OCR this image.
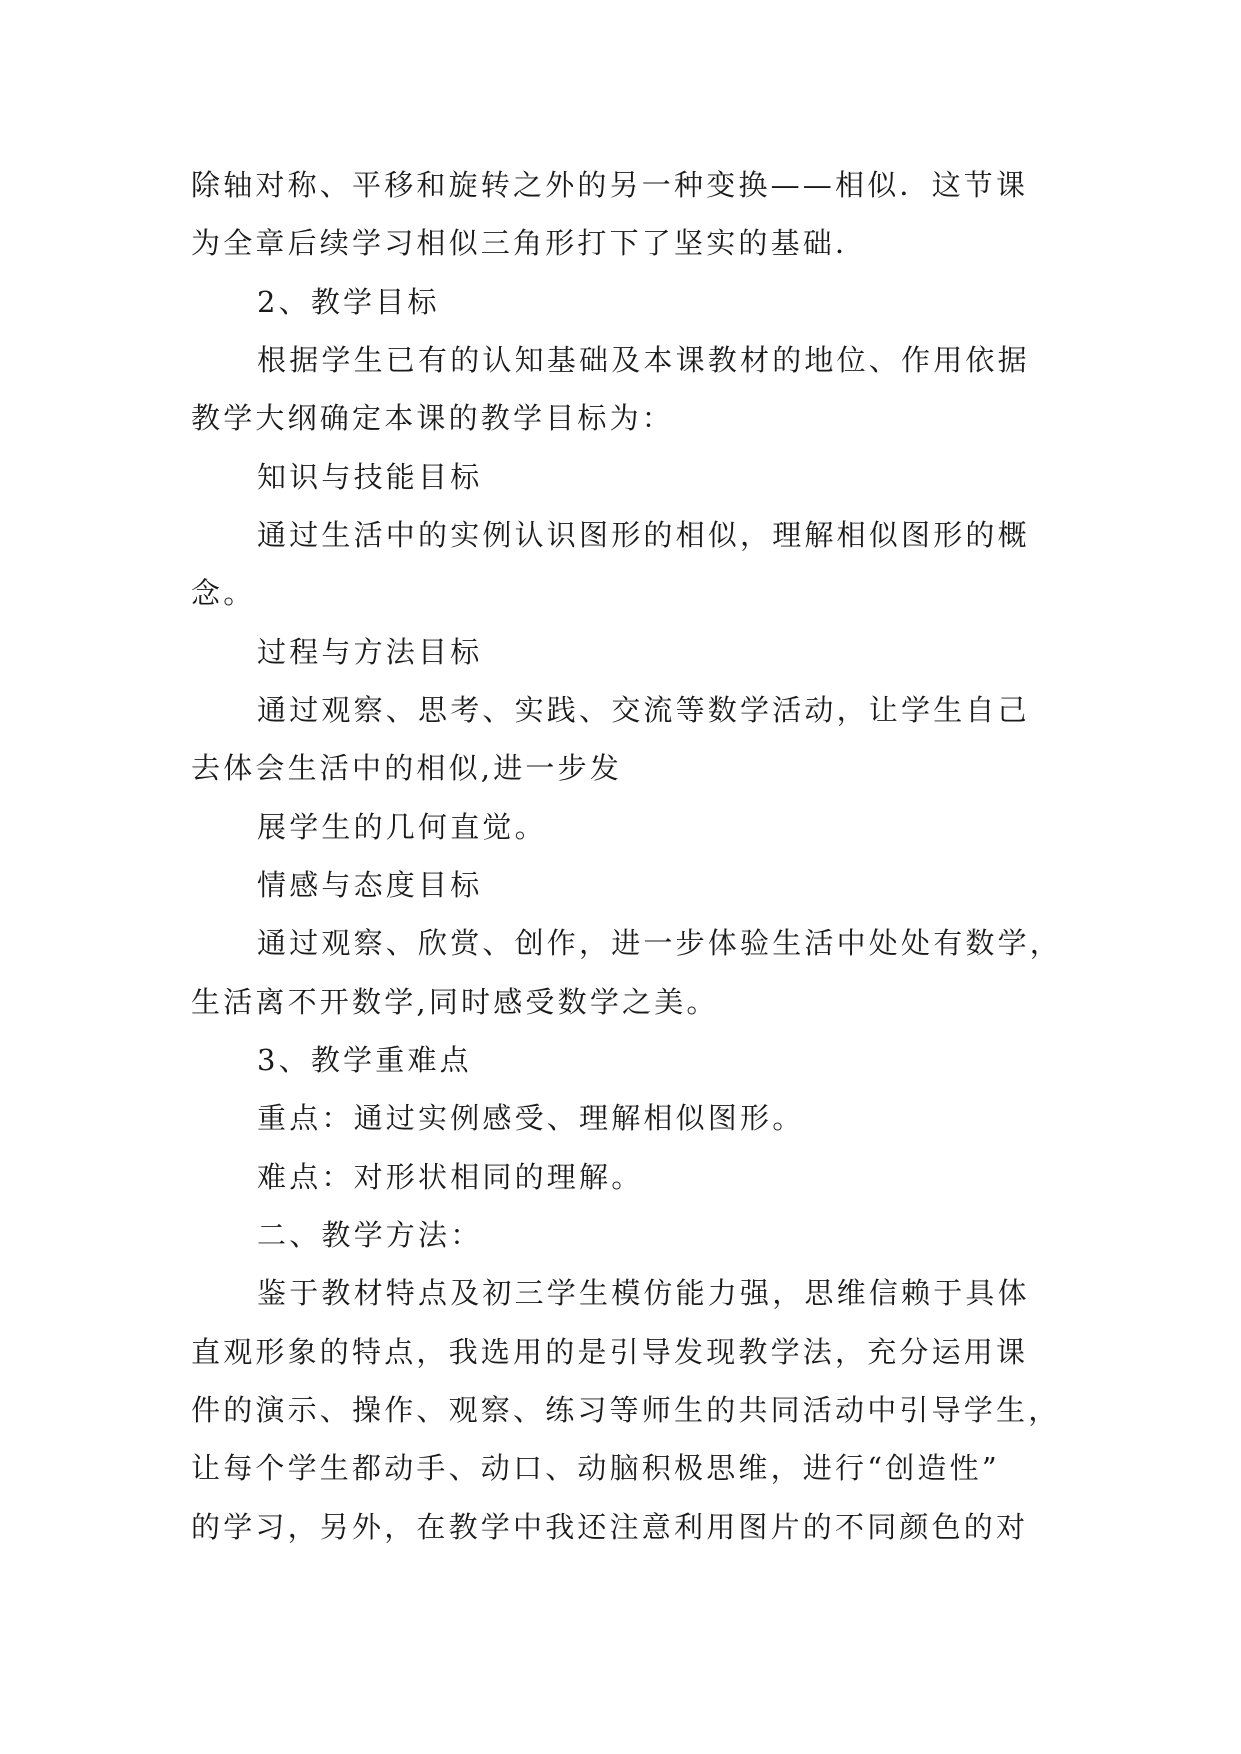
除轴对称、平移和旋转之外的另一种变换——相似．这节课
为全章后续学习相似三角形打下了坚实的基础．
2、教学目标
根据学生已有的认知基础及本课教材的地位、作用依据
教学大纲确定本课的教学目标为：
知识与技能目标
通过生活中的实例认识图形的相似，理解相似图形的概
念。
过程与方法目标
通过观察、思考、实践、交流等数学活动，让学生自己
去体会生活中的相似,进一步发
展学生的几何直觉。
情感与态度目标
通过观察、欣赏、创作，进一步体验生活中处处有数学，
生活离不开数学,同时感受数学之美。
3、教学重难点
重点：通过实例感受、理解相似图形。
难点：对形状相同的理解。
二、教学方法：
鉴于教材特点及初三学生模仿能力强，思维信赖于具体
直观形象的特点，我选用的是引导发现教学法，充分运用课
件的演示、操作、观察、练习等师生的共同活动中引导学生，
让每个学生都动手、动口、动脑积极思维，进行“创造性”
的学习，另外，在教学中我还注意利用图片的不同颜色的对
